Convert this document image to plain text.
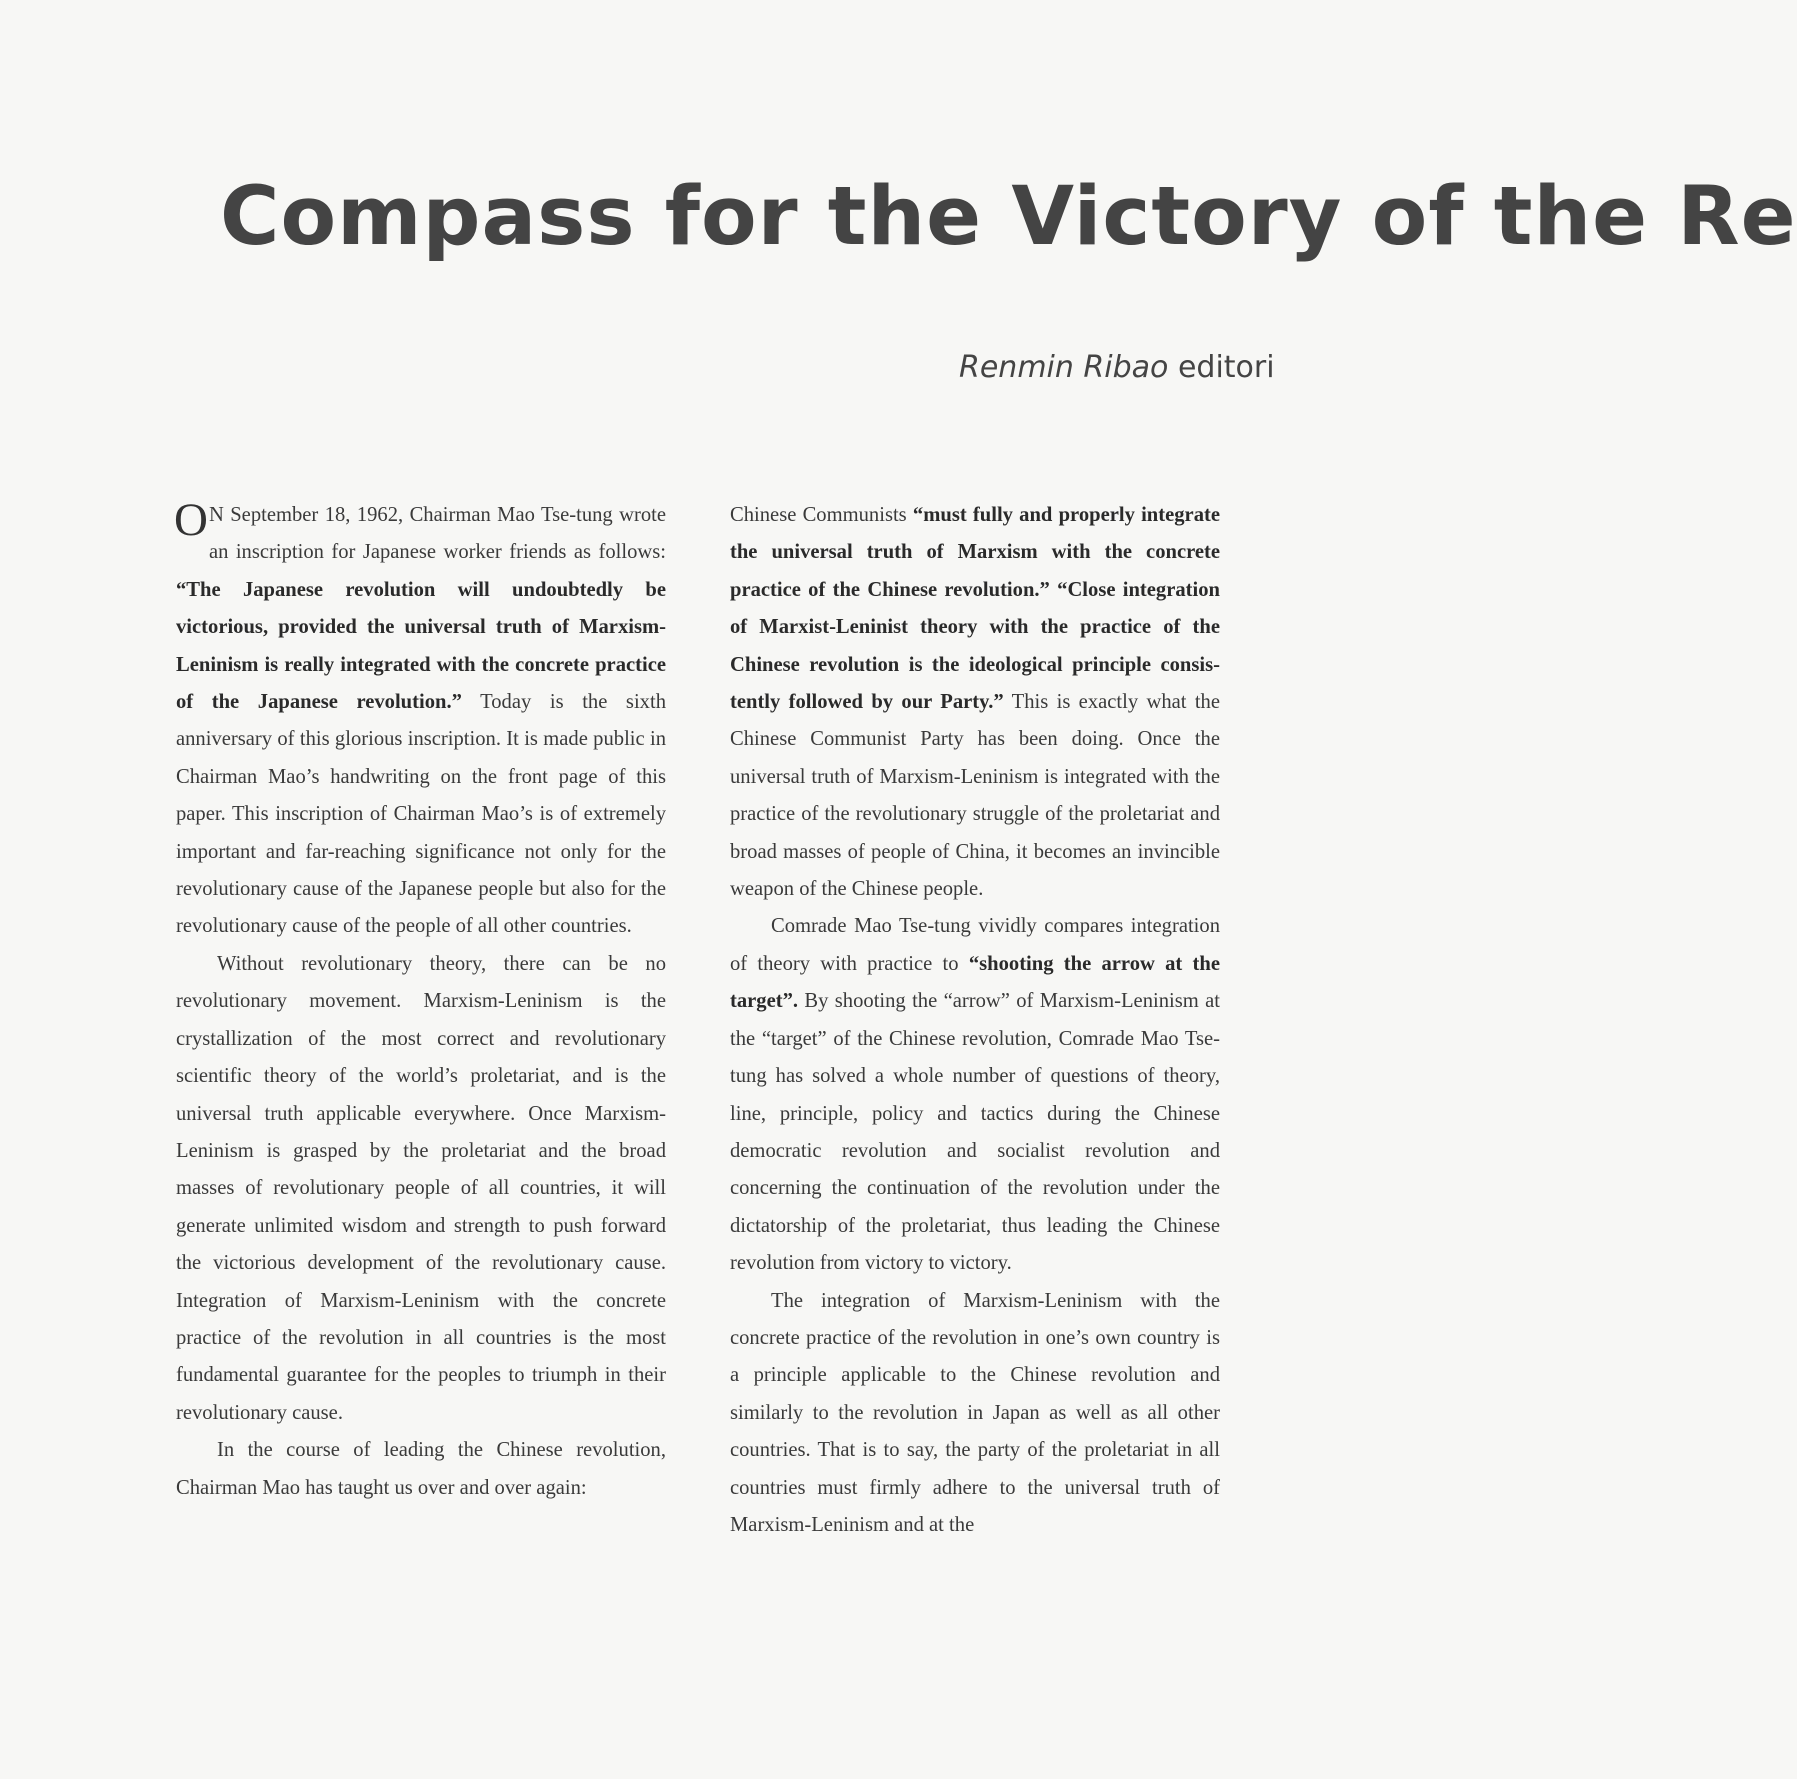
Compass for the Victory of the Re
Renmin Ribao editori

O N September 18, 1962, Chairman Mao Tse-tung wrote an inscription for Japanese worker friends as follows: “The Japanese revolution will undoubtedly be victorious, provided the universal truth of Marxism-Leninism is really integrated with the concrete practice of the Japanese revolution.” Today is the sixth anniversary of this glorious inscription. It is made public in Chairman Mao’s handwriting on the front page of this paper. This inscription of Chairman Mao’s is of extremely important and far-reaching significance not only for the revolutionary cause of the Japanese people but also for the revolutionary cause of the people of all other countries.

Without revolutionary theory, there can be no revolutionary movement. Marxism-Leninism is the crystallization of the most correct and revolutionary scientific theory of the world’s proletariat, and is the universal truth applicable everywhere. Once Marxism-Leninism is grasped by the proletariat and the broad masses of revolutionary people of all countries, it will generate unlimited wisdom and strength to push forward the victorious development of the revolutionary cause. Integration of Marxism-Leninism with the concrete practice of the revolution in all countries is the most fundamental guarantee for the peoples to triumph in their revolutionary cause.

In the course of leading the Chinese revolution, Chairman Mao has taught us over and over again:

Chinese Communists “must fully and properly integrate the universal truth of Marxism with the concrete practice of the Chinese revolution.” “Close integration of Marxist-Leninist theory with the practice of the Chinese revolution is the ideological principle consistently followed by our Party.” This is exactly what the Chinese Communist Party has been doing. Once the universal truth of Marxism-Leninism is integrated with the practice of the revolutionary struggle of the proletariat and broad masses of people of China, it becomes an invincible weapon of the Chinese people.

Comrade Mao Tse-tung vividly compares integration of theory with practice to “shooting the arrow at the target”. By shooting the “arrow” of Marxism-Leninism at the “target” of the Chinese revolution, Comrade Mao Tse-tung has solved a whole number of questions of theory, line, principle, policy and tactics during the Chinese democratic revolution and socialist revolution and concerning the continuation of the revolution under the dictatorship of the proletariat, thus leading the Chinese revolution from victory to victory.

The integration of Marxism-Leninism with the concrete practice of the revolution in one’s own country is a principle applicable to the Chinese revolution and similarly to the revolution in Japan as well as all other countries. That is to say, the party of the proletariat in all countries must firmly adhere to the universal truth of Marxism-Leninism and at the
